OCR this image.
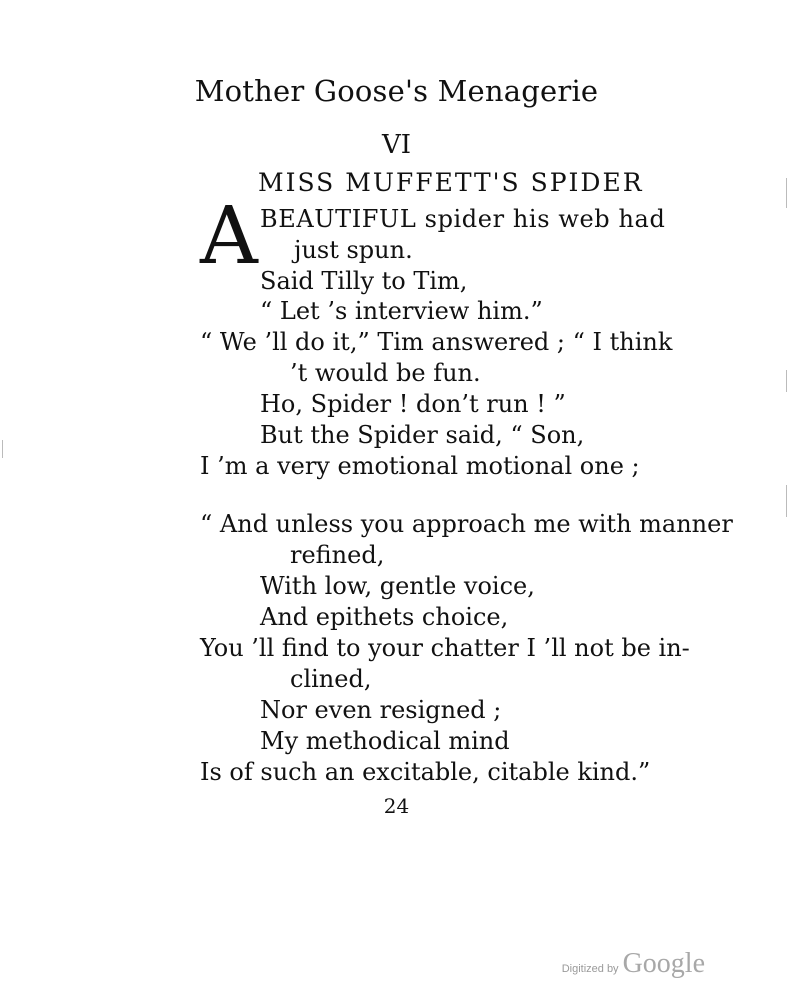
Mother Goose's Menagerie
VI
MISS MUFFETT'S SPIDER
A BEAUTIFUL spider his web had
just spun.
Said Tilly to Tim,
“ Let ’s interview him.”
“ We ’ll do it,” Tim answered ; “ I think
’t would be fun.
Ho, Spider ! don’t run ! ”
But the Spider said, “ Son,
I ’m a very emotional motional one ;
“ And unless you approach me with manner
refined,
With low, gentle voice,
And epithets choice,
You ’ll find to your chatter I ’ll not be in-
clined,
Nor even resigned ;
My methodical mind
Is of such an excitable, citable kind.”
24
Digitized by Google
